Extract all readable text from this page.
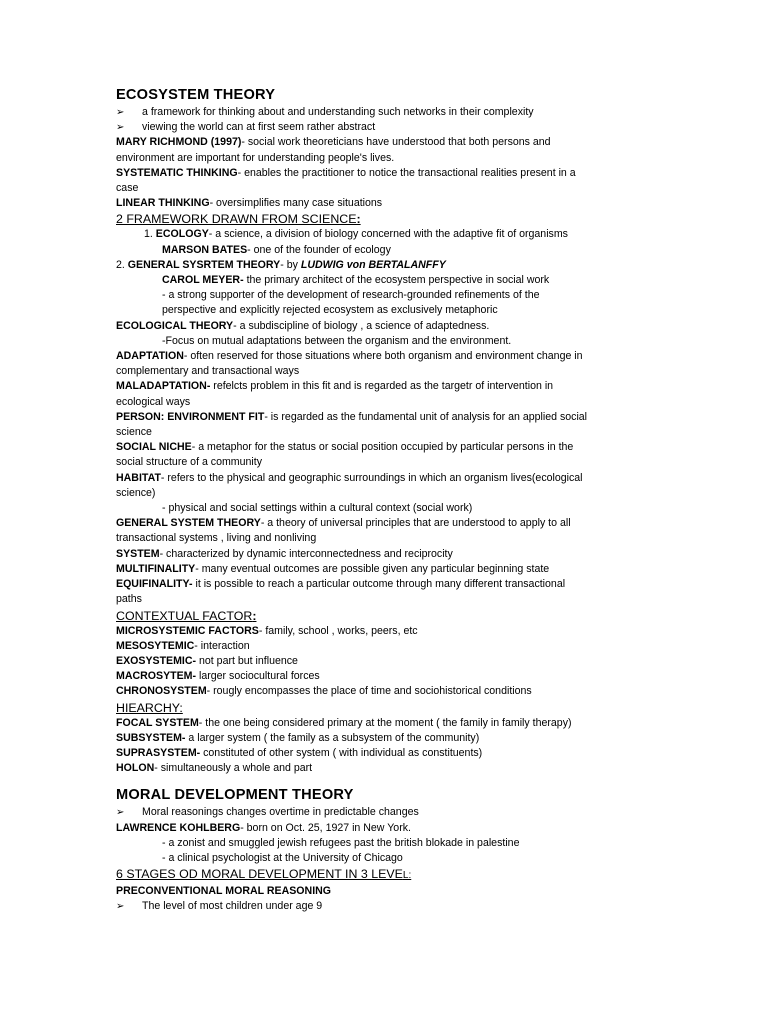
ECOSYSTEM THEORY
➢ a framework for thinking about and understanding such networks in their complexity
➢ viewing the world can at first seem rather abstract
MARY RICHMOND (1997)- social work theoreticians have understood that both persons and
environment are important for understanding people's lives.
SYSTEMATIC THINKING- enables the practitioner to notice the transactional realities present in a
case
LINEAR THINKING- oversimplifies many case situations
2 FRAMEWORK DRAWN FROM SCIENCE:
1. ECOLOGY- a science, a division of biology concerned with the adaptive fit of organisms
MARSON BATES- one of the founder of ecology
2. GENERAL SYSRTEM THEORY- by LUDWIG von BERTALANFFY
CAROL MEYER- the primary architect of the ecosystem perspective in social work
- a strong supporter of the development of research-grounded refinements of the
perspective and explicitly rejected ecosystem as exclusively metaphoric
ECOLOGICAL THEORY- a subdiscipline of biology , a science of adaptedness.
-Focus on mutual adaptations between the organism and the environment.
ADAPTATION- often reserved for those situations where both organism and environment change in
complementary and transactional ways
MALADAPTATION- refelcts problem in this fit and is regarded as the targetr of intervention in
ecological ways
PERSON: ENVIRONMENT FIT- is regarded as the fundamental unit of analysis for an applied social
science
SOCIAL NICHE- a metaphor for the status or social position occupied by particular persons in the
social structure of a community
HABITAT- refers to the physical and geographic surroundings in which an organism lives(ecological
science)
- physical and social settings within a cultural context (social work)
GENERAL SYSTEM THEORY- a theory of universal principles that are understood to apply to all
transactional systems , living and nonliving
SYSTEM- characterized by dynamic interconnectedness and reciprocity
MULTIFINALITY- many eventual outcomes are possible given any particular beginning state
EQUIFINALITY- it is possible to reach a particular outcome through many different transactional
paths
CONTEXTUAL FACTOR:
MICROSYSTEMIC FACTORS- family, school , works, peers, etc
MESOSYTEMIC- interaction
EXOSYSTEMIC- not part but influence
MACROSYTEM- larger sociocultural forces
CHRONOSYSTEM- rougly encompasses the place of time and sociohistorical conditions
HIEARCHY:
FOCAL SYSTEM- the one being considered primary at the moment ( the family in family therapy)
SUBSYSTEM- a larger system ( the family as a subsystem of the community)
SUPRASYSTEM- constituted of other system ( with individual as constituents)
HOLON- simultaneously a whole and part
MORAL DEVELOPMENT THEORY
➢ Moral reasonings changes overtime in predictable changes
LAWRENCE KOHLBERG- born on Oct. 25, 1927 in New York.
- a zonist and smuggled jewish refugees past the british blokade in palestine
- a clinical psychologist at the University of Chicago
6 STAGES OD MORAL DEVELOPMENT IN 3 LEVEL:
PRECONVENTIONAL MORAL REASONING
➢ The level of most children under age 9
